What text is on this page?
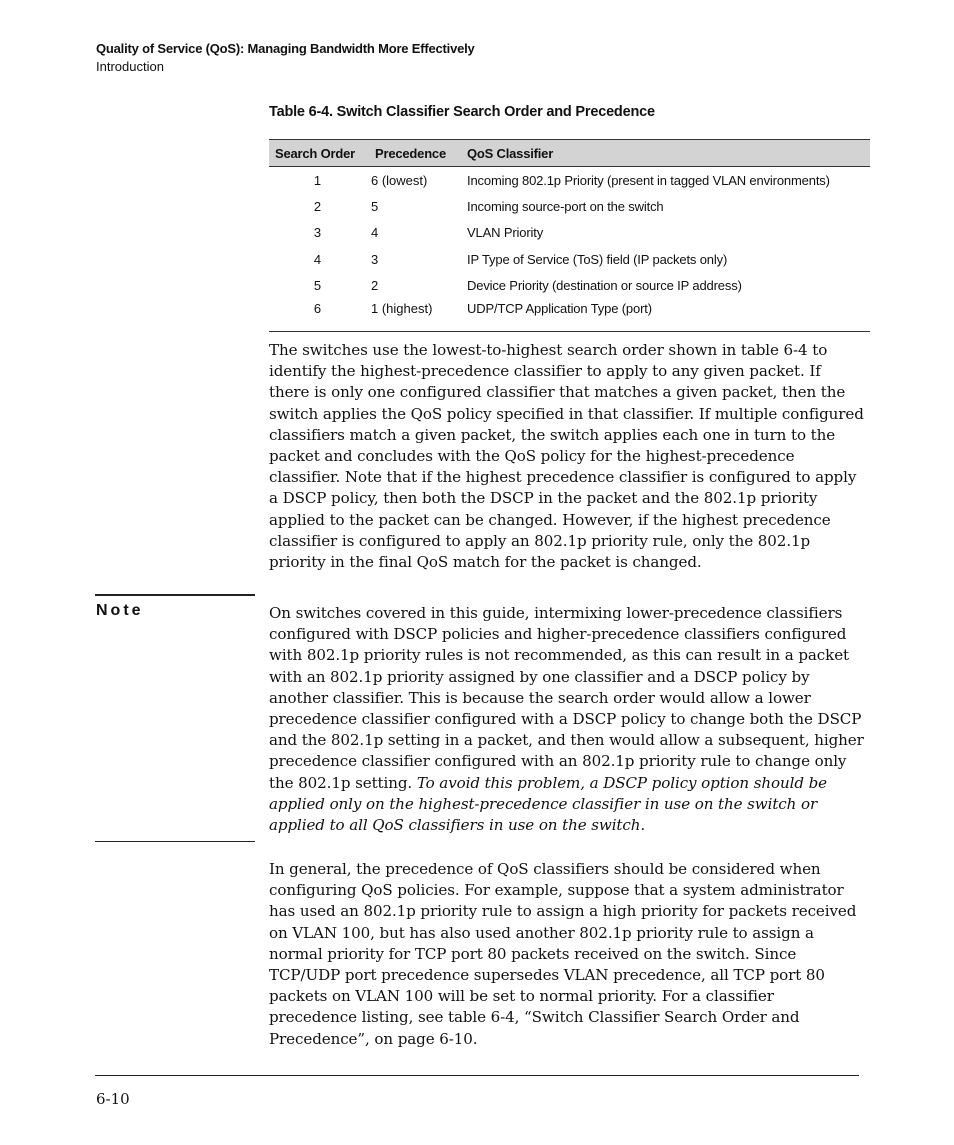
Quality of Service (QoS): Managing Bandwidth More Effectively
Introduction
Table 6-4. Switch Classifier Search Order and Precedence
Search Order	Precedence	QoS Classifier
1	6 (lowest)	Incoming 802.1p Priority (present in tagged VLAN environments)
2	5	Incoming source-port on the switch
3	4	VLAN Priority
4	3	IP Type of Service (ToS) field (IP packets only)
5	2	Device Priority (destination or source IP address)
6	1 (highest)	UDP/TCP Application Type (port)

The switches use the lowest-to-highest search order shown in table 6-4 to identify the highest-precedence classifier to apply to any given packet. If there is only one configured classifier that matches a given packet, then the switch applies the QoS policy specified in that classifier. If multiple configured classifiers match a given packet, the switch applies each one in turn to the packet and concludes with the QoS policy for the highest-precedence classifier. Note that if the highest precedence classifier is configured to apply a DSCP policy, then both the DSCP in the packet and the 802.1p priority applied to the packet can be changed. However, if the highest precedence classifier is configured to apply an 802.1p priority rule, only the 802.1p priority in the final QoS match for the packet is changed.

Note	On switches covered in this guide, intermixing lower-precedence classifiers configured with DSCP policies and higher-precedence classifiers configured with 802.1p priority rules is not recommended, as this can result in a packet with an 802.1p priority assigned by one classifier and a DSCP policy by another classifier. This is because the search order would allow a lower precedence classifier configured with a DSCP policy to change both the DSCP and the 802.1p setting in a packet, and then would allow a subsequent, higher precedence classifier configured with an 802.1p priority rule to change only the 802.1p setting. To avoid this problem, a DSCP policy option should be applied only on the highest-precedence classifier in use on the switch or applied to all QoS classifiers in use on the switch.

In general, the precedence of QoS classifiers should be considered when configuring QoS policies. For example, suppose that a system administrator has used an 802.1p priority rule to assign a high priority for packets received on VLAN 100, but has also used another 802.1p priority rule to assign a normal priority for TCP port 80 packets received on the switch. Since TCP/UDP port precedence supersedes VLAN precedence, all TCP port 80 packets on VLAN 100 will be set to normal priority. For a classifier precedence listing, see table 6-4, “Switch Classifier Search Order and Precedence”, on page 6-10.

6-10
